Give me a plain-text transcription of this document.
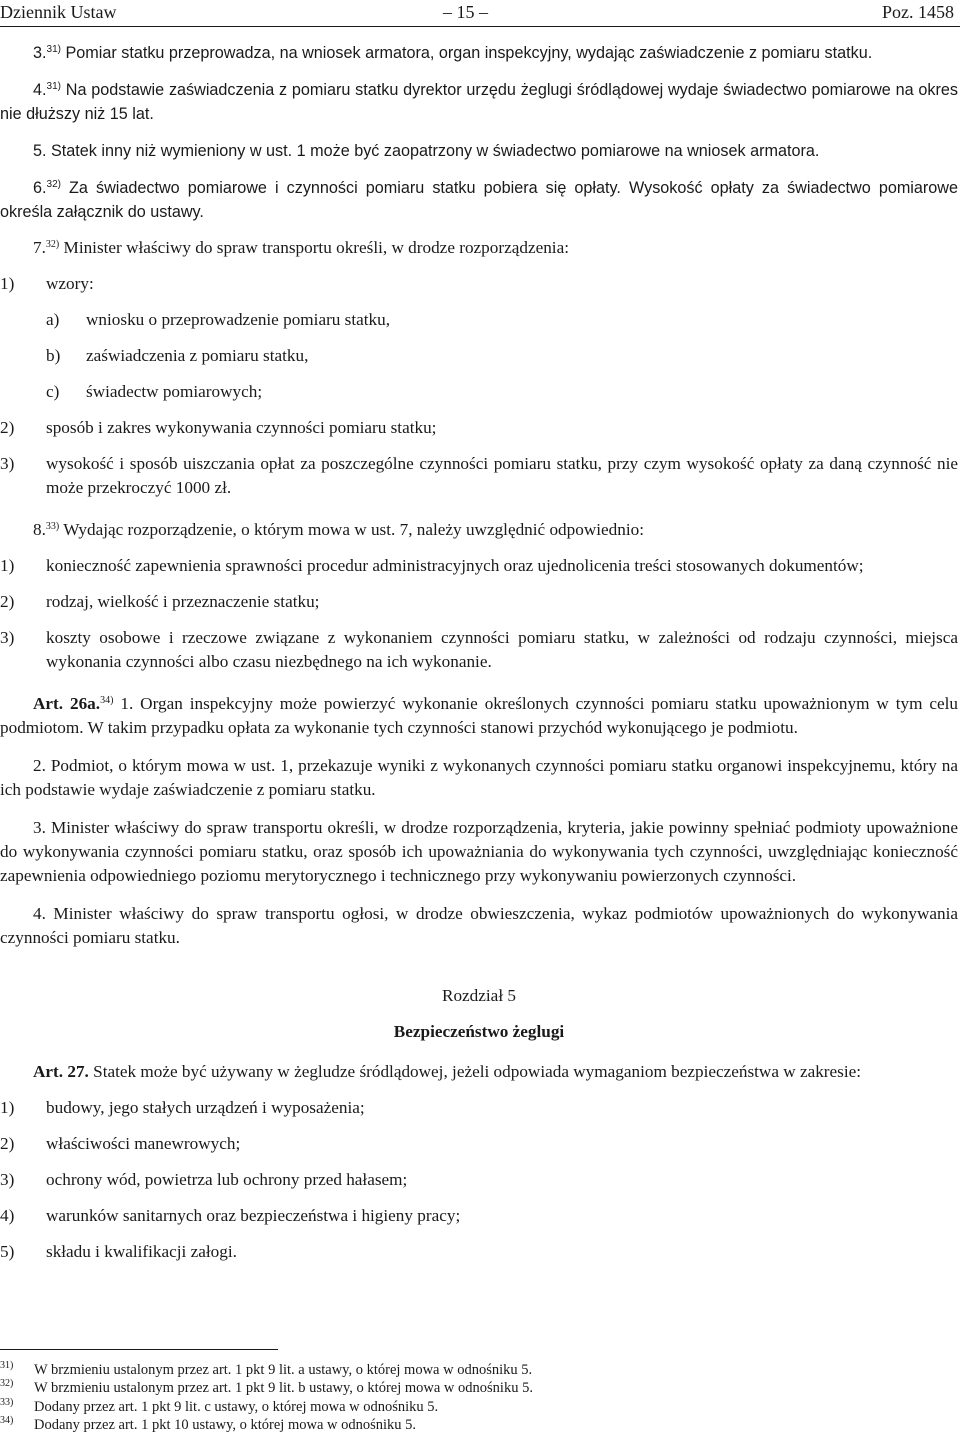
Dziennik Ustaw	– 15 –	Poz. 1458

3.$^{31)}$ Pomiar statku przeprowadza, na wniosek armatora, organ inspekcyjny, wydając zaświadczenie z pomiaru statku.

4.$^{31)}$ Na podstawie zaświadczenia z pomiaru statku dyrektor urzędu żeglugi śródlądowej wydaje świadectwo pomiarowe na okres nie dłuższy niż 15 lat.

5. Statek inny niż wymieniony w ust. 1 może być zaopatrzony w świadectwo pomiarowe na wniosek armatora.

6.$^{32)}$ Za świadectwo pomiarowe i czynności pomiaru statku pobiera się opłaty. Wysokość opłaty za świadectwo pomiarowe określa załącznik do ustawy.

7.$^{32)}$ Minister właściwy do spraw transportu określi, w drodze rozporządzenia:

1) wzory:
a) wniosku o przeprowadzenie pomiaru statku,
b) zaświadczenia z pomiaru statku,
c) świadectw pomiarowych;
2) sposób i zakres wykonywania czynności pomiaru statku;
3) wysokość i sposób uiszczania opłat za poszczególne czynności pomiaru statku, przy czym wysokość opłaty za daną czynność nie może przekroczyć 1000 zł.

8.$^{33)}$ Wydając rozporządzenie, o którym mowa w ust. 7, należy uwzględnić odpowiednio:

1) konieczność zapewnienia sprawności procedur administracyjnych oraz ujednolicenia treści stosowanych dokumentów;
2) rodzaj, wielkość i przeznaczenie statku;
3) koszty osobowe i rzeczowe związane z wykonaniem czynności pomiaru statku, w zależności od rodzaju czynności, miejsca wykonania czynności albo czasu niezbędnego na ich wykonanie.

Art. 26a.$^{34)}$ 1. Organ inspekcyjny może powierzyć wykonanie określonych czynności pomiaru statku upoważnionym w tym celu podmiotom. W takim przypadku opłata za wykonanie tych czynności stanowi przychód wykonującego je podmiotu.

2. Podmiot, o którym mowa w ust. 1, przekazuje wyniki z wykonanych czynności pomiaru statku organowi inspekcyjnemu, który na ich podstawie wydaje zaświadczenie z pomiaru statku.

3. Minister właściwy do spraw transportu określi, w drodze rozporządzenia, kryteria, jakie powinny spełniać podmioty upoważnione do wykonywania czynności pomiaru statku, oraz sposób ich upoważniania do wykonywania tych czynności, uwzględniając konieczność zapewnienia odpowiedniego poziomu merytorycznego i technicznego przy wykonywaniu powierzonych czynności.

4. Minister właściwy do spraw transportu ogłosi, w drodze obwieszczenia, wykaz podmiotów upoważnionych do wykonywania czynności pomiaru statku.

Rozdział 5

Bezpieczeństwo żeglugi

Art. 27. Statek może być używany w żegludze śródlądowej, jeżeli odpowiada wymaganiom bezpieczeństwa w zakresie:

1) budowy, jego stałych urządzeń i wyposażenia;
2) właściwości manewrowych;
3) ochrony wód, powietrza lub ochrony przed hałasem;
4) warunków sanitarnych oraz bezpieczeństwa i higieny pracy;
5) składu i kwalifikacji załogi.
31) W brzmieniu ustalonym przez art. 1 pkt 9 lit. a ustawy, o której mowa w odnośniku 5.
32) W brzmieniu ustalonym przez art. 1 pkt 9 lit. b ustawy, o której mowa w odnośniku 5.
33) Dodany przez art. 1 pkt 9 lit. c ustawy, o której mowa w odnośniku 5.
34) Dodany przez art. 1 pkt 10 ustawy, o której mowa w odnośniku 5.
